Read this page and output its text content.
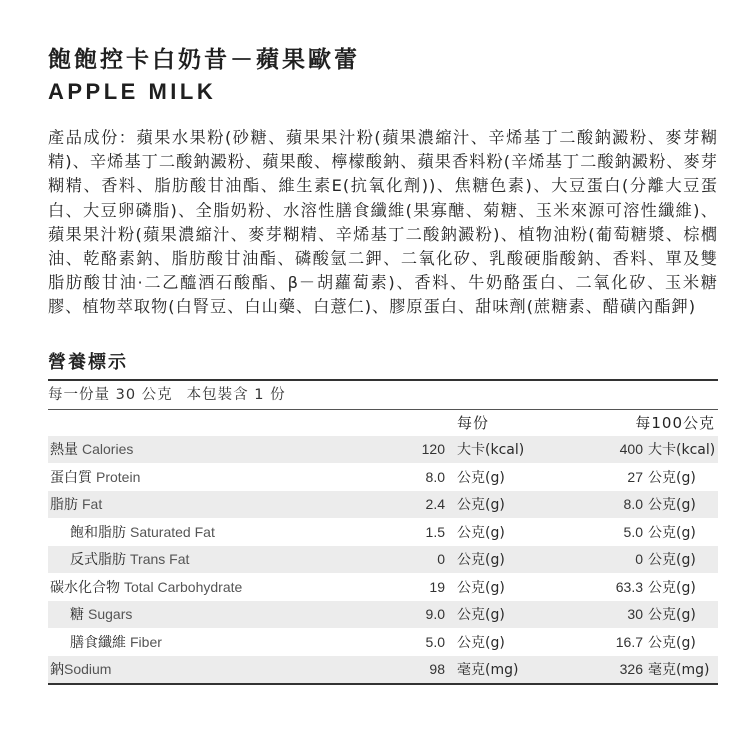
飽飽控卡白奶昔－蘋果歐蕾
APPLE MILK
產品成份：蘋果水果粉(砂糖、蘋果果汁粉(蘋果濃縮汁、辛烯基丁二酸鈉澱粉、麥芽糊精)、辛烯基丁二酸鈉澱粉、蘋果酸、檸檬酸鈉、蘋果香料粉(辛烯基丁二酸鈉澱粉、麥芽糊精、香料、脂肪酸甘油酯、維生素E(抗氧化劑))、焦糖色素)、大豆蛋白(分離大豆蛋白、大豆卵磷脂)、全脂奶粉、水溶性膳食纖維(果寡醣、菊糖、玉米來源可溶性纖維)、蘋果果汁粉(蘋果濃縮汁、麥芽糊精、辛烯基丁二酸鈉澱粉)、植物油粉(葡萄糖漿、棕櫚油、乾酪素鈉、脂肪酸甘油酯、磷酸氫二鉀、二氧化矽、乳酸硬脂酸鈉、香料、單及雙脂肪酸甘油·二乙醯酒石酸酯、β－胡蘿蔔素)、香料、牛奶酪蛋白、二氧化矽、玉米糖膠、植物萃取物(白腎豆、白山藥、白薏仁)、膠原蛋白、甜味劑(蔗糖素、醋磺內酯鉀)
營養標示
每一份量 30 公克 本包裝含 1 份
		每份	每100公克	
熱量 Calories	120	大卡(kcal)	400	大卡(kcal)
蛋白質 Protein	8.0	公克(g)	27	公克(g)
脂肪 Fat	2.4	公克(g)	8.0	公克(g)
飽和脂肪 Saturated Fat	1.5	公克(g)	5.0	公克(g)
反式脂肪 Trans Fat	0	公克(g)	0	公克(g)
碳水化合物 Total Carbohydrate	19	公克(g)	63.3	公克(g)
糖 Sugars	9.0	公克(g)	30	公克(g)
膳食纖維 Fiber	5.0	公克(g)	16.7	公克(g)
鈉Sodium	98	毫克(mg)	326	毫克(mg)
